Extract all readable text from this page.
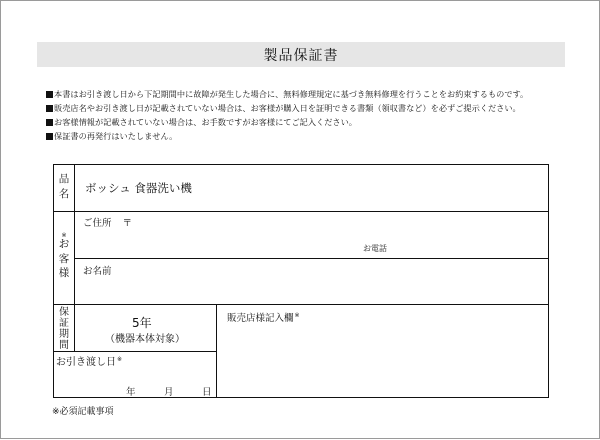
製品保証書
本書はお引き渡し日から下記期間中に故障が発生した場合に、無料修理規定に基づき無料修理を行うことをお約束するものです。
販売店名やお引き渡し日が記載されていない場合は、お客様が購入日を証明できる書類（領収書など）を必ずご提示ください。
お客様情報が記載されていない場合は、お手数ですがお客様にてご記入ください。
保証書の再発行はいたしません。
品
名 ボッシュ 食器洗い機
※
お
客
様
ご住所 〒
お電話
お名前
保
証
期
間
5年
（機器本体対象）
お引き渡し日※
年	月	日
販売店様記入欄※
※必須記載事項
